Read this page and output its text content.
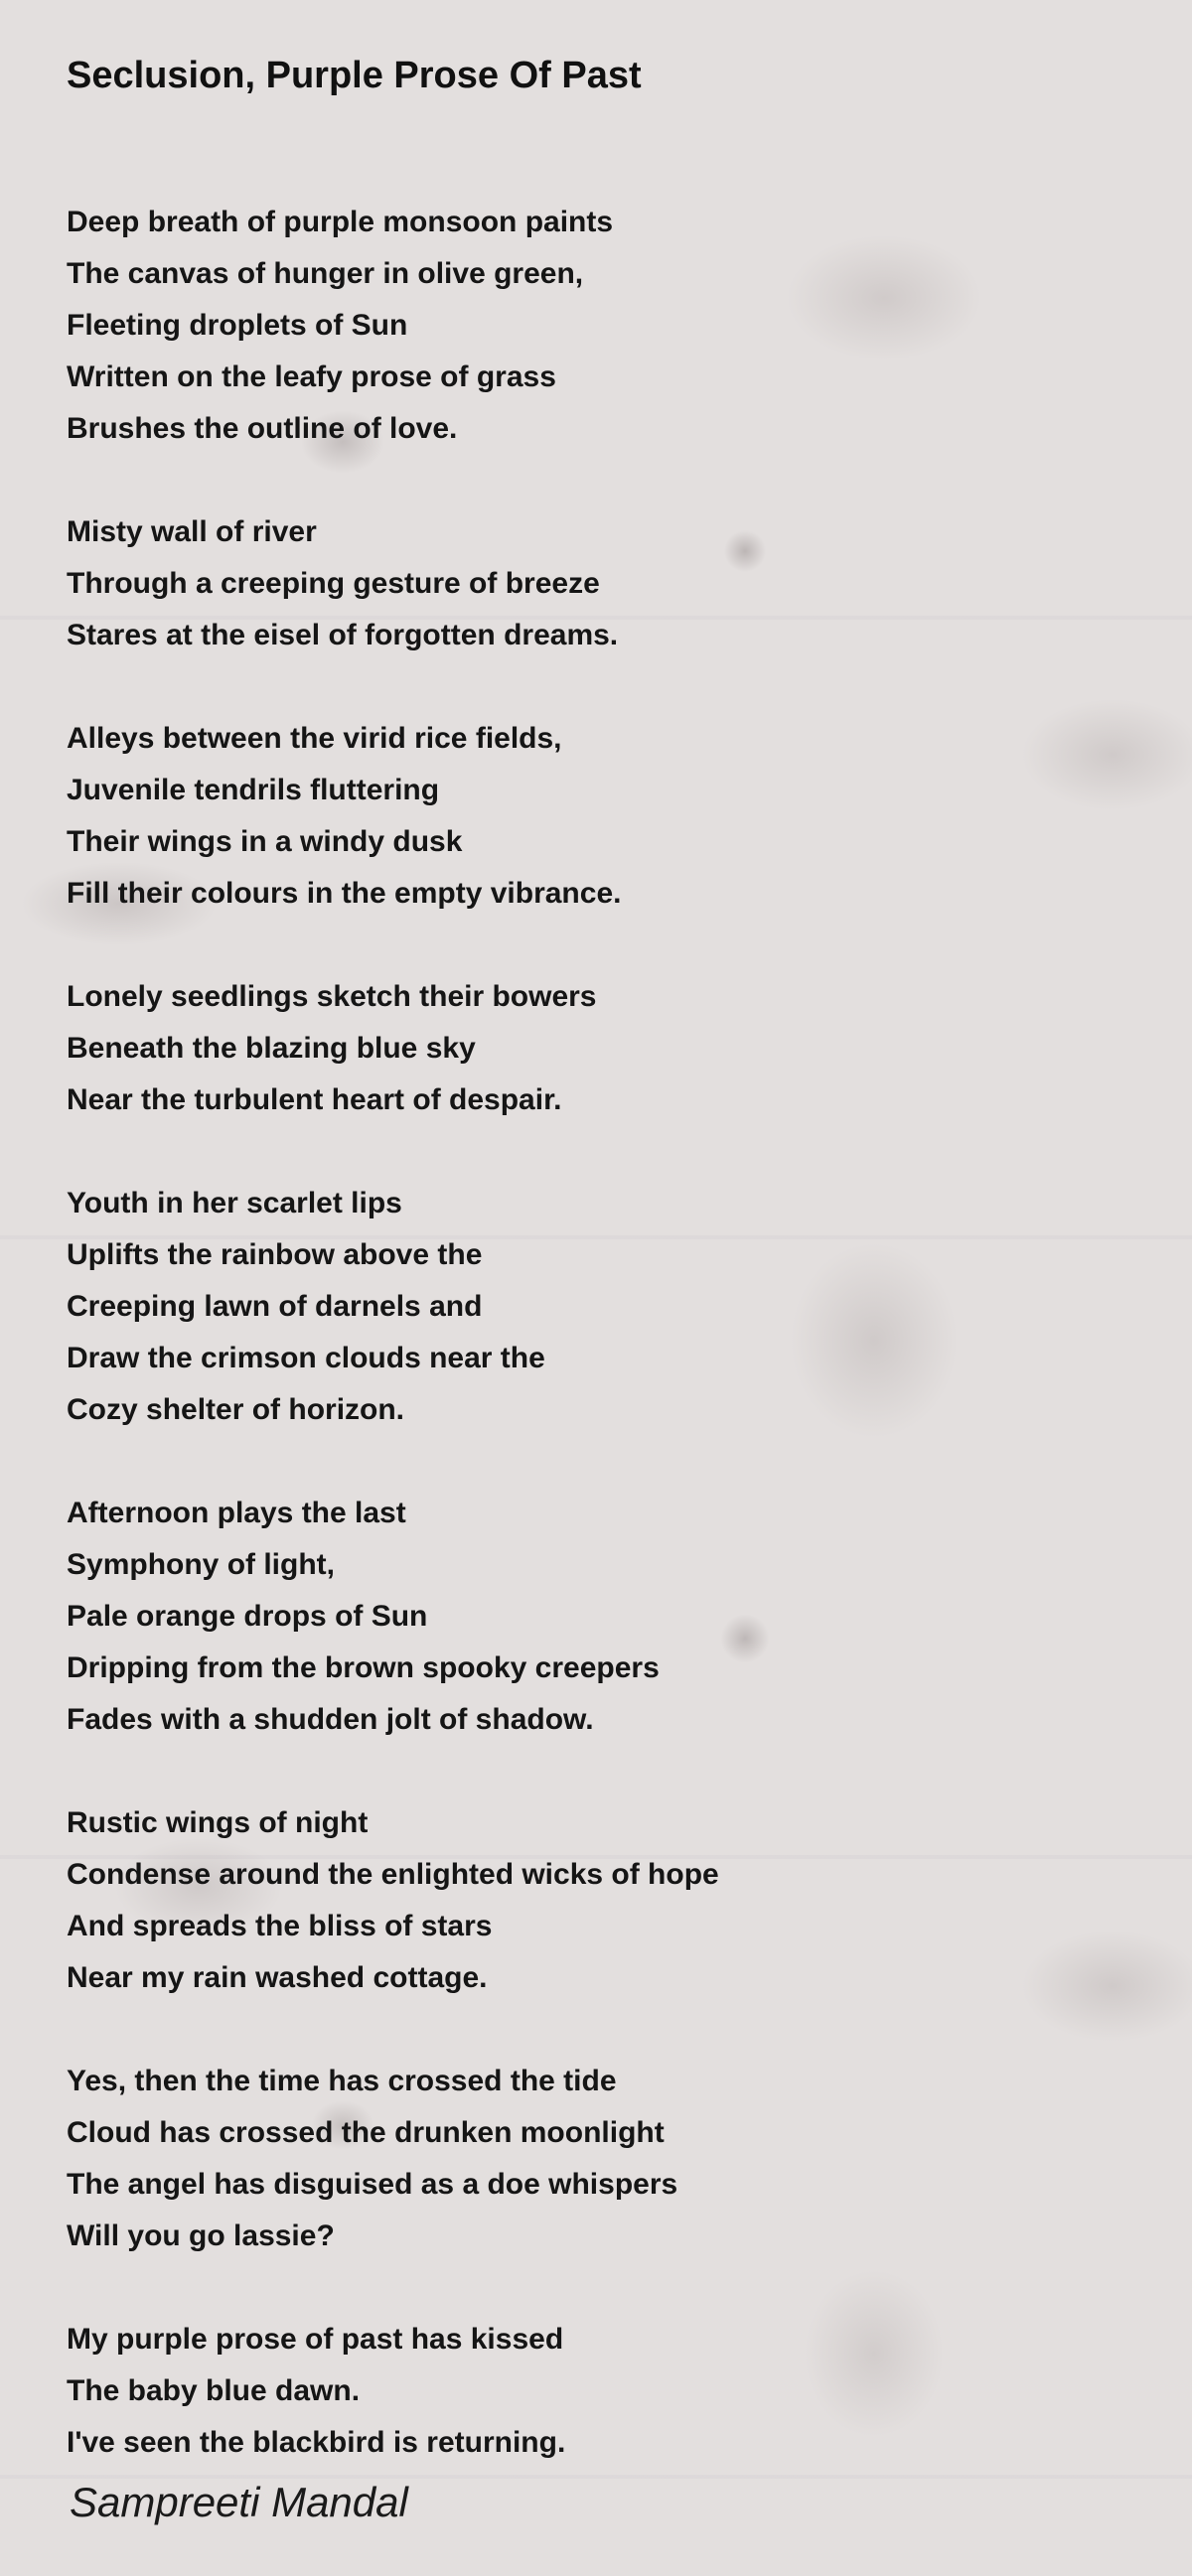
Seclusion, Purple Prose Of Past
Deep breath of purple monsoon paints
The canvas of hunger in olive green,
Fleeting droplets of Sun
Written on the leafy prose of grass
Brushes the outline of love.
Misty wall of river
Through a creeping gesture of breeze
Stares at the eisel of forgotten dreams.
Alleys between the virid rice fields,
Juvenile tendrils fluttering
Their wings in a windy dusk
Fill their colours in the empty vibrance.
Lonely seedlings sketch their bowers
Beneath the blazing blue sky
Near the turbulent heart of despair.
Youth in her scarlet lips
Uplifts the rainbow above the
Creeping lawn of darnels and
Draw the crimson clouds near the
Cozy shelter of horizon.
Afternoon plays the last
Symphony of light,
Pale orange drops of Sun
Dripping from the brown spooky creepers
Fades with a shudden jolt of shadow.
Rustic wings of night
Condense around the enlighted wicks of hope
And spreads the bliss of stars
Near my rain washed cottage.
Yes, then the time has crossed the tide
Cloud has crossed the drunken moonlight
The angel has disguised as a doe whispers
Will you go lassie?
My purple prose of past has kissed
The baby blue dawn.
I've seen the blackbird is returning.
Sampreeti Mandal
